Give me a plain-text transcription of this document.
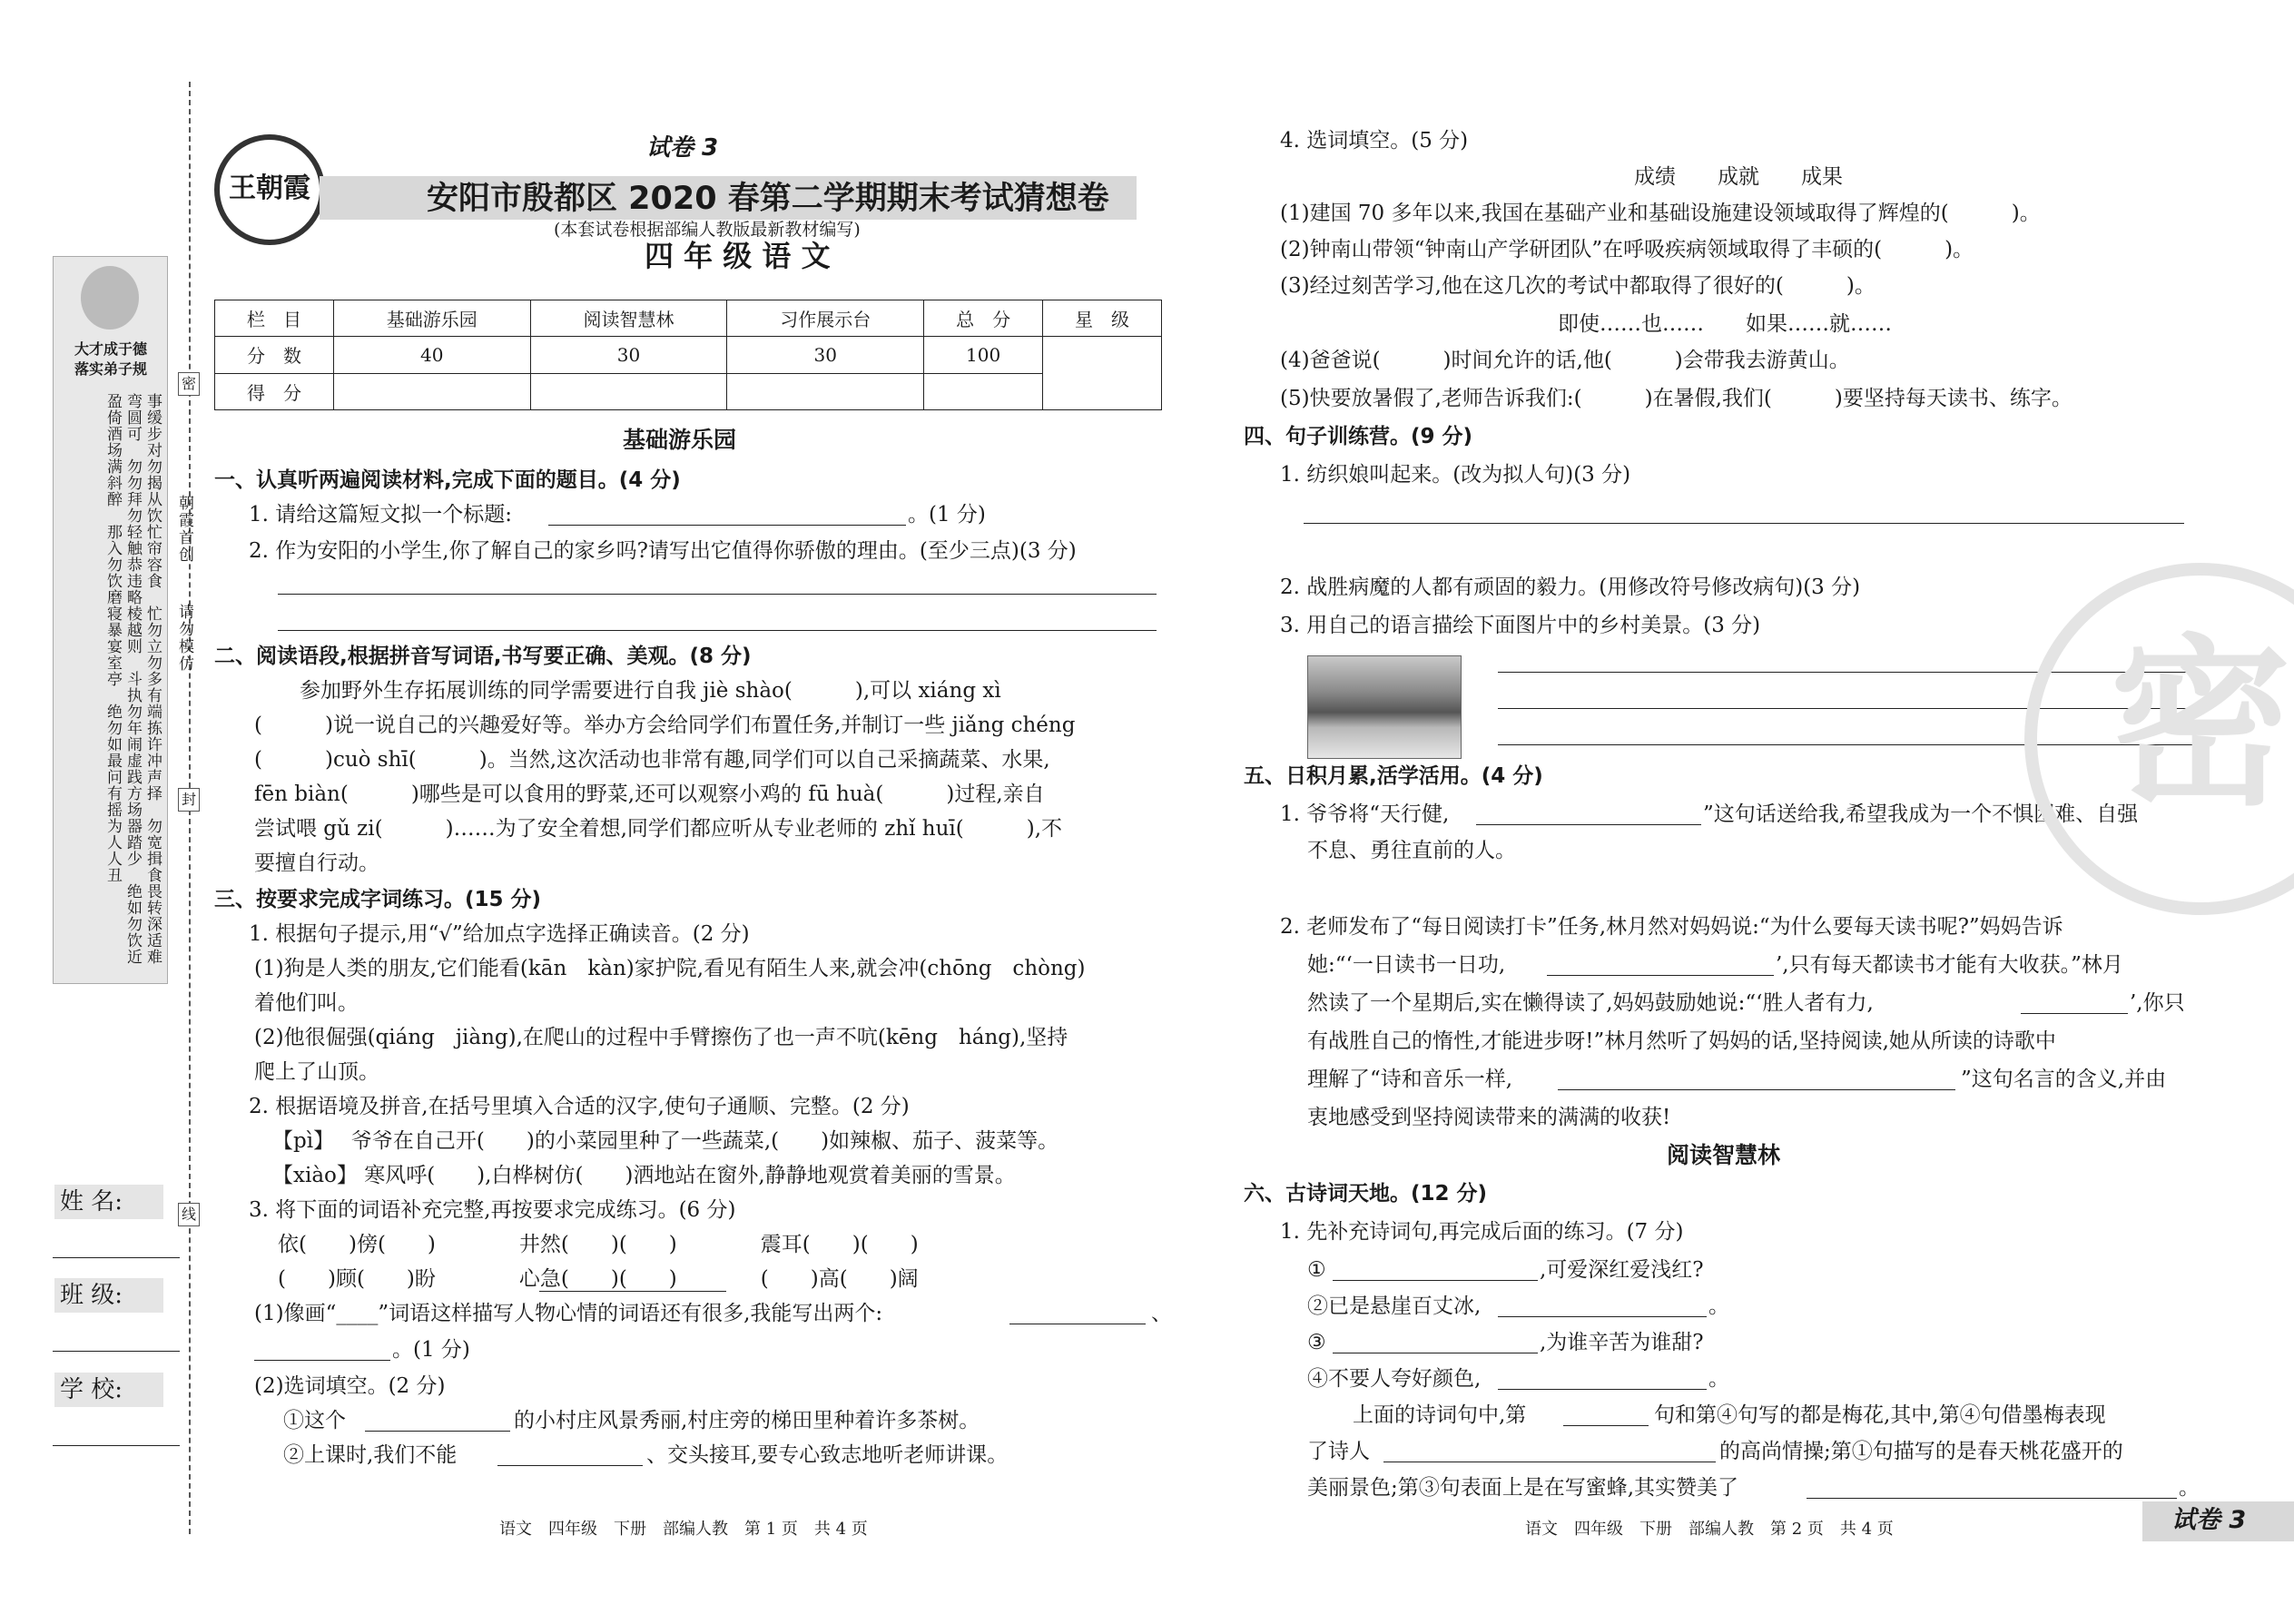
大才成于德
落实弟子规
事缓步对勿揭从饮忙帘容食　忙勿立勿多有端拣许冲声择　勿宽揖食畏转深适难弯圆可　勿勿拜勿轻触恭违略棱越则　斗执勿年闹虚践方场器踏少　绝如勿饮近盈倚酒场满斜醉　那入勿饮磨寝暴宴室亭　绝勿如最问有摇为人人丑	朝霞首创
请勿模仿
密
封
线
姓 名:
班 级:
学 校:
王朝霞
试卷 3
安阳市殷都区 2020 春第二学期期末考试猜想卷
(本套试卷根据部编人教版最新教材编写)
四 年 级 语 文
栏　目	基础游乐园	阅读智慧林	习作展示台	总　分	星　级
分　数	40	30	30	100	
得　分					
基础游乐园
一、认真听两遍阅读材料,完成下面的题目。(4 分)
1. 请给这篇短文拟一个标题:	。(1 分)
2. 作为安阳的小学生,你了解自己的家乡吗?请写出它值得你骄傲的理由。(至少三点)(3 分)
二、阅读语段,根据拼音写词语,书写要正确、美观。(8 分)
参加野外生存拓展训练的同学需要进行自我 jiè shào(　　　),可以 xiáng xì
(　　　)说一说自己的兴趣爱好等。举办方会给同学们布置任务,并制订一些 jiǎng chéng
(　　　)cuò shī(　　　)。当然,这次活动也非常有趣,同学们可以自己采摘蔬菜、水果,
fēn biàn(　　　)哪些是可以食用的野菜,还可以观察小鸡的 fū huà(　　　)过程,亲自
尝试喂 gǔ zi(　　　)……为了安全着想,同学们都应听从专业老师的 zhǐ huī(　　　),不
要擅自行动。
三、按要求完成字词练习。(15 分)
1. 根据句子提示,用“√”给加点字选择正确读音。(2 分)
(1)狗是人类的朋友,它们能看(kān　kàn)家护院,看见有陌生人来,就会冲(chōng　chòng)
着他们叫。
(2)他很倔强(qiáng　jiàng),在爬山的过程中手臂擦伤了也一声不吭(kēng　háng),坚持
爬上了山顶。
2. 根据语境及拼音,在括号里填入合适的汉字,使句子通顺、完整。(2 分)
【pì】　 爷爷在自己开(　　)的小菜园里种了一些蔬菜,(　　)如辣椒、茄子、菠菜等。
【xiào】 寒风呼(　　),白桦树仿(　　)洒地站在窗外,静静地观赏着美丽的雪景。
3. 将下面的词语补充完整,再按要求完成练习。(6 分)
依(　　)傍(　　)　　　　井然(　　)(　　)　　　　震耳(　　)(　　)
(　　)顾(　　)盼　　　　心急(　　)(　　)　　　　(　　)高(　　)阔
(1)像画“____”词语这样描写人物心情的词语还有很多,我能写出两个:	、
。(1 分)
(2)选词填空。(2 分)
①这个	的小村庄风景秀丽,村庄旁的梯田里种着许多茶树。
②上课时,我们不能	、交头接耳,要专心致志地听老师讲课。
语文　四年级　下册　部编人教　第 1 页　共 4 页
4. 选词填空。(5 分)
成绩　　成就　　成果
(1)建国 70 多年以来,我国在基础产业和基础设施建设领域取得了辉煌的(　　　)。
(2)钟南山带领“钟南山产学研团队”在呼吸疾病领域取得了丰硕的(　　　)。
(3)经过刻苦学习,他在这几次的考试中都取得了很好的(　　　)。
即使……也……　　如果……就……
(4)爸爸说(　　　)时间允许的话,他(　　　)会带我去游黄山。
(5)快要放暑假了,老师告诉我们:(　　　)在暑假,我们(　　　)要坚持每天读书、练字。
四、句子训练营。(9 分)
1. 纺织娘叫起来。(改为拟人句)(3 分)
2. 战胜病魔的人都有顽固的毅力。(用修改符号修改病句)(3 分)
3. 用自己的语言描绘下面图片中的乡村美景。(3 分)
五、日积月累,活学活用。(4 分)
1. 爷爷将“天行健,	”这句话送给我,希望我成为一个不惧困难、自强
不息、勇往直前的人。
2. 老师发布了“每日阅读打卡”任务,林月然对妈妈说:“为什么要每天读书呢?”妈妈告诉
她:“‘一日读书一日功,	’,只有每天都读书才能有大收获。”林月
然读了一个星期后,实在懒得读了,妈妈鼓励她说:“‘胜人者有力,	’,你只
有战胜自己的惰性,才能进步呀!”林月然听了妈妈的话,坚持阅读,她从所读的诗歌中
理解了“诗和音乐一样,	”这句名言的含义,并由
衷地感受到坚持阅读带来的满满的收获!
阅读智慧林
六、古诗词天地。(12 分)
1. 先补充诗词句,再完成后面的练习。(7 分)
①	,可爱深红爱浅红?
②已是悬崖百丈冰,	。
③	,为谁辛苦为谁甜?
④不要人夸好颜色,	。
上面的诗词句中,第	句和第④句写的都是梅花,其中,第④句借墨梅表现
了诗人	的高尚情操;第①句描写的是春天桃花盛开的
美丽景色;第③句表面上是在写蜜蜂,其实赞美了	。
语文　四年级　下册　部编人教　第 2 页　共 4 页	试卷 3
密
